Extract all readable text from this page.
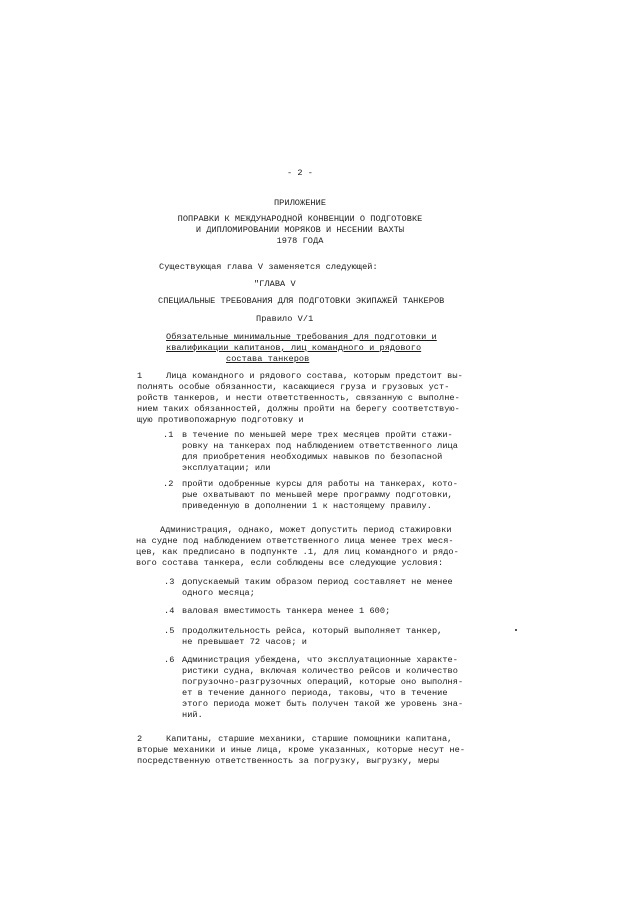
- 2 -
ПРИЛОЖЕНИЕ
ПОПРАВКИ К МЕЖДУНАРОДНОЙ КОНВЕНЦИИ О ПОДГОТОВКЕ
И ДИПЛОМИРОВАНИИ МОРЯКОВ И НЕСЕНИИ ВАХТЫ
1978 ГОДА
Существующая глава V заменяется следующей:
"ГЛАВА V
СПЕЦИАЛЬНЫЕ ТРЕБОВАНИЯ ДЛЯ ПОДГОТОВКИ ЭКИПАЖЕЙ ТАНКЕРОВ
Правило V/1
Обязательные минимальные требования для подготовки и
квалификации капитанов, лиц командного и рядового
состава танкеров
1	Лица командного и рядового состава, которым предстоит вы-
полнять особые обязанности, касающиеся груза и грузовых уст-
ройств танкеров, и нести ответственность, связанную с выполне-
нием таких обязанностей, должны пройти на берегу соответствую-
щую противопожарную подготовку и
.1 в течение по меньшей мере трех месяцев пройти стажи-
ровку на танкерах под наблюдением ответственного лица
для приобретения необходимых навыков по безопасной
эксплуатации; или
.2 пройти одобренные курсы для работы на танкерах, кото-
рые охватывают по меньшей мере программу подготовки,
приведенную в дополнении 1 к настоящему правилу.
Администрация, однако, может допустить период стажировки
на судне под наблюдением ответственного лица менее трех меся-
цев, как предписано в подпункте .1, для лиц командного и рядо-
вого состава танкера, если соблюдены все следующие условия:
.3 допускаемый таким образом период составляет не менее
одного месяца;
.4 валовая вместимость танкера менее 1 600;
.5 продолжительность рейса, который выполняет танкер,
не превышает 72 часов; и
.6 Администрация убеждена, что эксплуатационные характе-
ристики судна, включая количество рейсов и количество
погрузочно-разгрузочных операций, которые оно выполня-
ет в течение данного периода, таковы, что в течение
этого периода может быть получен такой же уровень зна-
ний.
2	Капитаны, старшие механики, старшие помощники капитана,
вторые механики и иные лица, кроме указанных, которые несут не-
посредственную ответственность за погрузку, выгрузку, меры
